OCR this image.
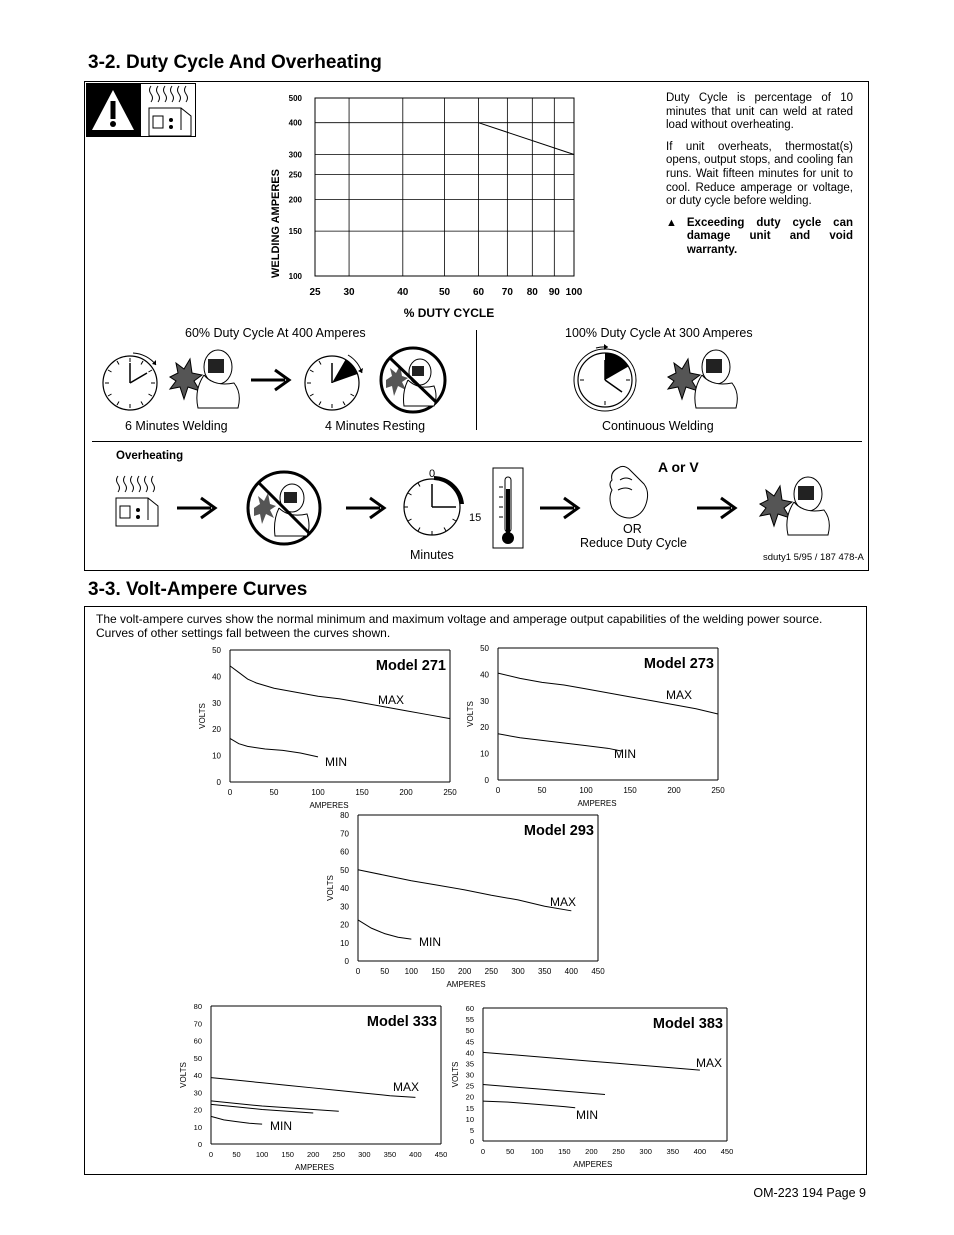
3-2. Duty Cycle And Overheating
25 30	40	50 60 70 80 90 100
100
150
200
250
300
400
500
WELDING AMPERES
% DUTY CYCLE

Duty Cycle is percentage of 10 minutes that unit can weld at rated load without overheating.

If unit overheats, thermostat(s) opens, output stops, and cooling fan runs. Wait fifteen minutes for unit to cool. Reduce amperage or voltage, or duty cycle before welding.

▲ Exceeding duty cycle can damage unit and void warranty.
60% Duty Cycle At 400 Amperes	100% Duty Cycle At 300 Amperes
6 Minutes Welding	4 Minutes Resting	Continuous Welding
Overheating
0
15
Minutes
A or V
OR
Reduce Duty Cycle
sduty1 5/95 / 187 478-A
3-3. Volt-Ampere Curves
The volt-ampere curves show the normal minimum and maximum voltage and amperage output capabilities of the welding power source. Curves of other settings fall between the curves shown.
0	50	100	150	200	250
0
10
20
30
40
50
AMPERES
VOLTS
Model 271
MAX
MIN
0	50	100	150	200	250
0
10
20
30
40
50
AMPERES
VOLTS
Model 273
MAX
MIN
0 50 100 150 200 250 300 350 400 450
0
10
20
30
40
50
60
70
80
AMPERES
VOLTS
Model 293
MAX
MIN
0	50 100 150 200 250 300 350 400 450
0
10
20
30
40
50
60
70
80
AMPERES
VOLTS
Model 333
MAX
MIN
0	50 100 150 200 250 300 350 400 450
0
5
10
15
20
25
30
35
40
45
50
55
60
AMPERES
VOLTS
Model 383
MAX
MIN
OM-223 194 Page 9
